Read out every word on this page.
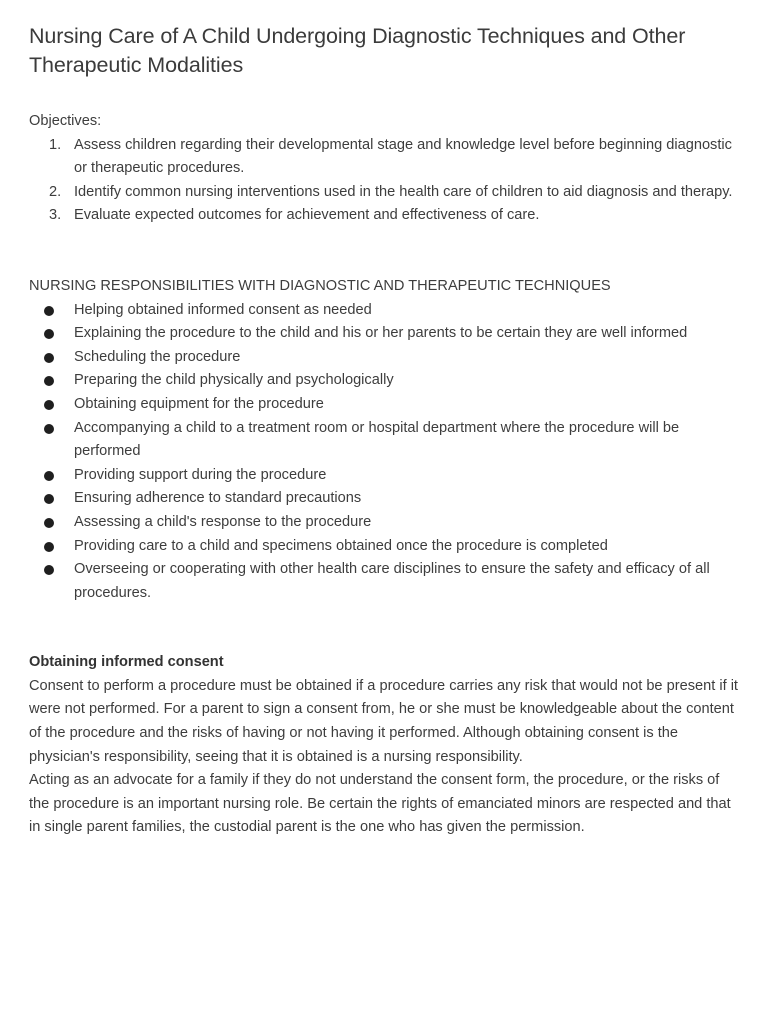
Nursing Care of A Child Undergoing Diagnostic Techniques and Other Therapeutic Modalities
Objectives:
1. Assess children regarding their developmental stage and knowledge level before beginning diagnostic or therapeutic procedures.
2. Identify common nursing interventions used in the health care of children to aid diagnosis and therapy.
3. Evaluate expected outcomes for achievement and effectiveness of care.
NURSING RESPONSIBILITIES WITH DIAGNOSTIC AND THERAPEUTIC TECHNIQUES
Helping obtained informed consent as needed
Explaining the procedure to the child and his or her parents to be certain they are well informed
Scheduling the procedure
Preparing the child physically and psychologically
Obtaining equipment for the procedure
Accompanying a child to a treatment room or hospital department where the procedure will be performed
Providing support during the procedure
Ensuring adherence to standard precautions
Assessing a child's response to the procedure
Providing care to a child and specimens obtained once the procedure is completed
Overseeing or cooperating with other health care disciplines to ensure the safety and efficacy of all procedures.
Obtaining informed consent

Consent to perform a procedure must be obtained if a procedure carries any risk that would not be present if it were not performed. For a parent to sign a consent from, he or she must be knowledgeable about the content of the procedure and the risks of having or not having it performed. Although obtaining consent is the physician's responsibility, seeing that it is obtained is a nursing responsibility.

Acting as an advocate for a family if they do not understand the consent form, the procedure, or the risks of the procedure is an important nursing role. Be certain the rights of emanciated minors are respected and that in single parent families, the custodial parent is the one who has given the permission.
